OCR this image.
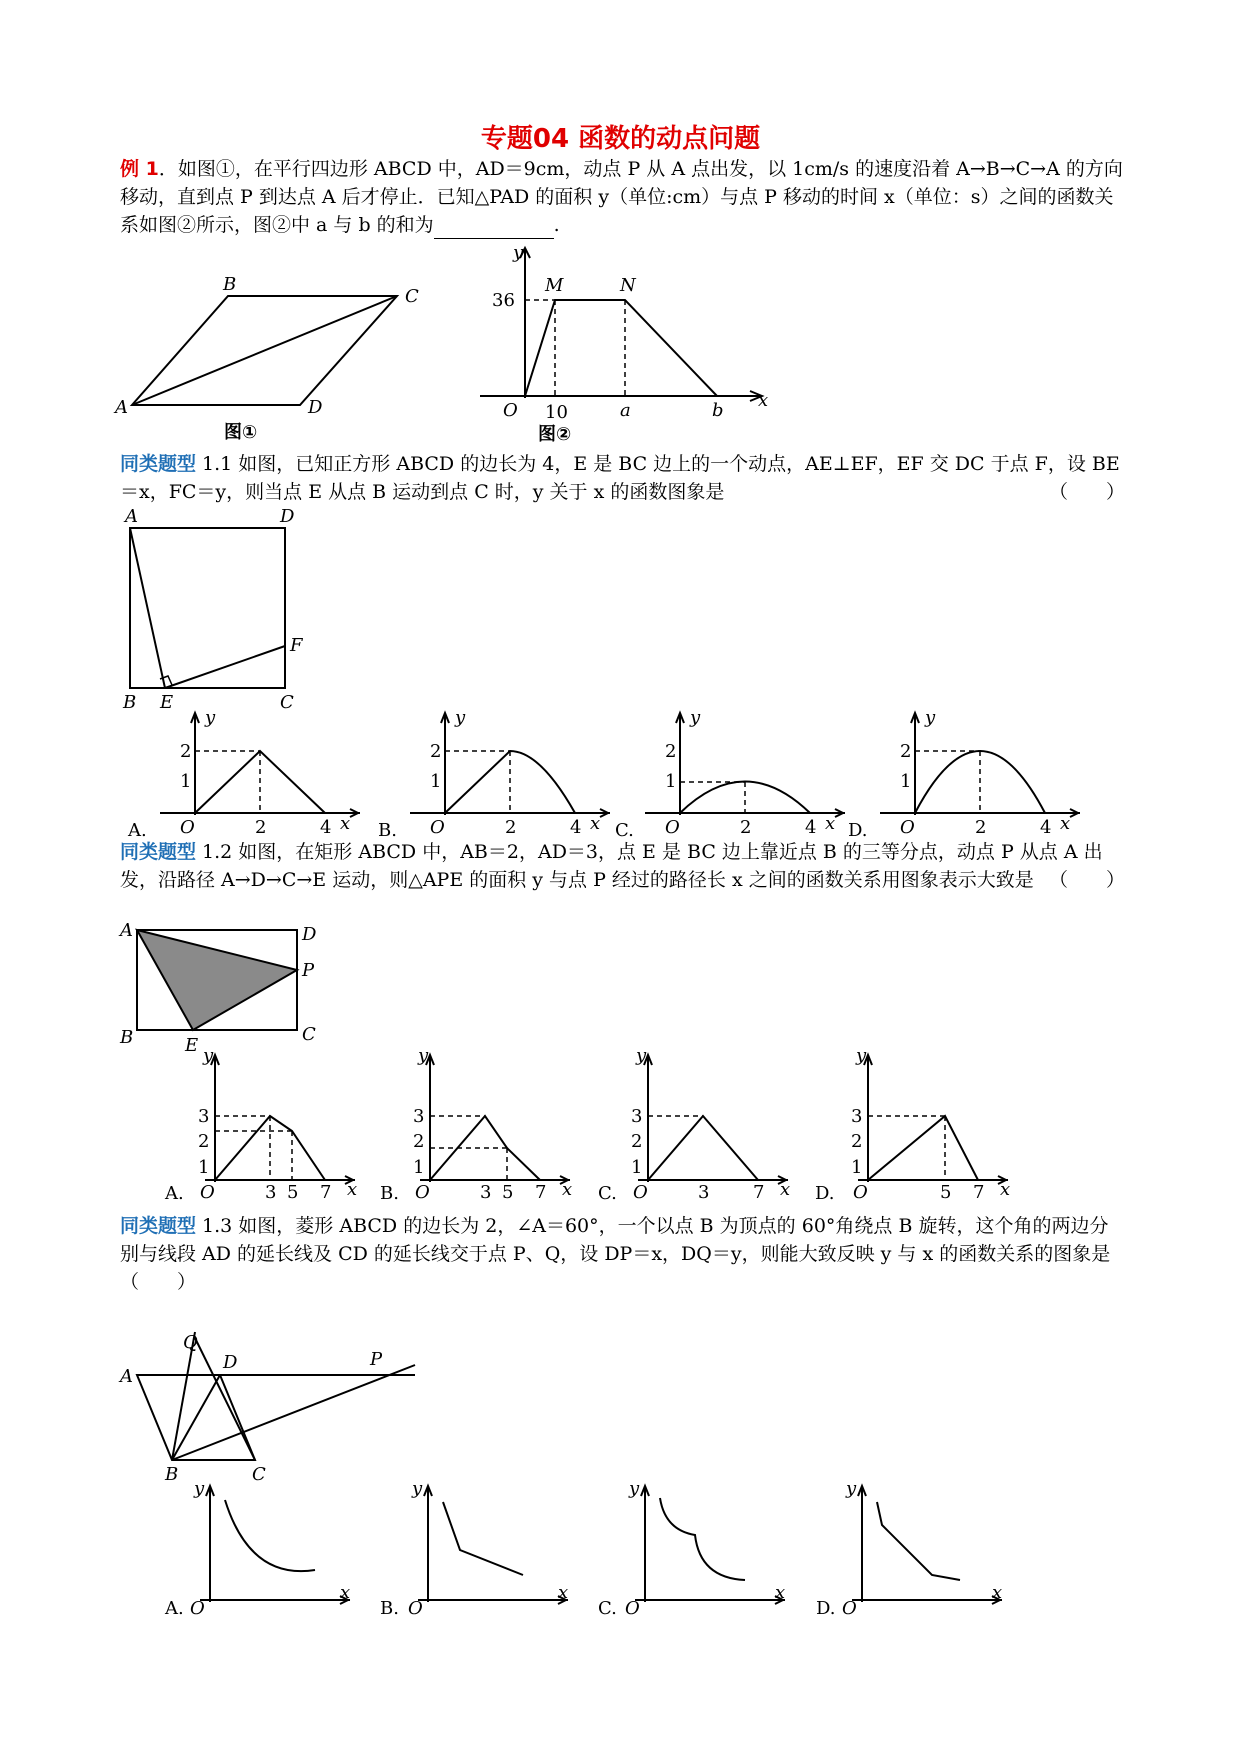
专题04 函数的动点问题
例 1．如图①，在平行四边形 ABCD 中，AD＝9cm，动点 P 从 A 点出发，以 1cm/s 的速度沿着 A→B→C→A 的方向移动，直到点 P 到达点 A 后才停止．已知△PAD 的面积 y（单位:cm）与点 P 移动的时间 x（单位：s）之间的函数关系如图②所示，图②中 a 与 b 的和为	.
A
B
C
D
图①
y
x
O
M	N
36
10	a	b
图②
同类题型 1.1 如图，已知正方形 ABCD 的边长为 4，E 是 BC 边上的一个动点，AE⊥EF，EF 交 DC 于点 F，设 BE＝x，FC＝y，则当点 E 从点 B 运动到点 C 时，y 关于 x 的函数图象是	（　　）
A	D
B E	C
F
A.
y
x
O
1
2
2	4	B.
y
x
O
1
2
2	4 C.
y
x
O
1
2
2	4 D.
y
x
O
1
2
2	4
同类题型 1.2 如图，在矩形 ABCD 中，AB＝2，AD＝3，点 E 是 BC 边上靠近点 B 的三等分点，动点 P 从点 A 出发，沿路径 A→D→C→E 运动，则△APE 的面积 y 与点 P 经过的路径长 x 之间的函数关系用图象表示大致是 （　　）
A	D
P
B	E
C
A.
y
x
O
3
2
1
3 5 7	B.
y
x
O
3
2
1
3 5 7	C.
y
x
O
3
2
1
3 7	D.
y
x
O
3
2
1
5 7
同类题型 1.3 如图，菱形 ABCD 的边长为 2，∠A＝60°，一个以点 B 为顶点的 60°角绕点 B 旋转，这个角的两边分别与线段 AD 的延长线及 CD 的延长线交于点 P、Q，设 DP＝x，DQ＝y，则能大致反映 y 与 x 的函数关系的图象是（　　）
Q
A
D	P
B	C
A.
y
x
O	B.
y
x
O	C.
y
x
O	D.
y
x
O
